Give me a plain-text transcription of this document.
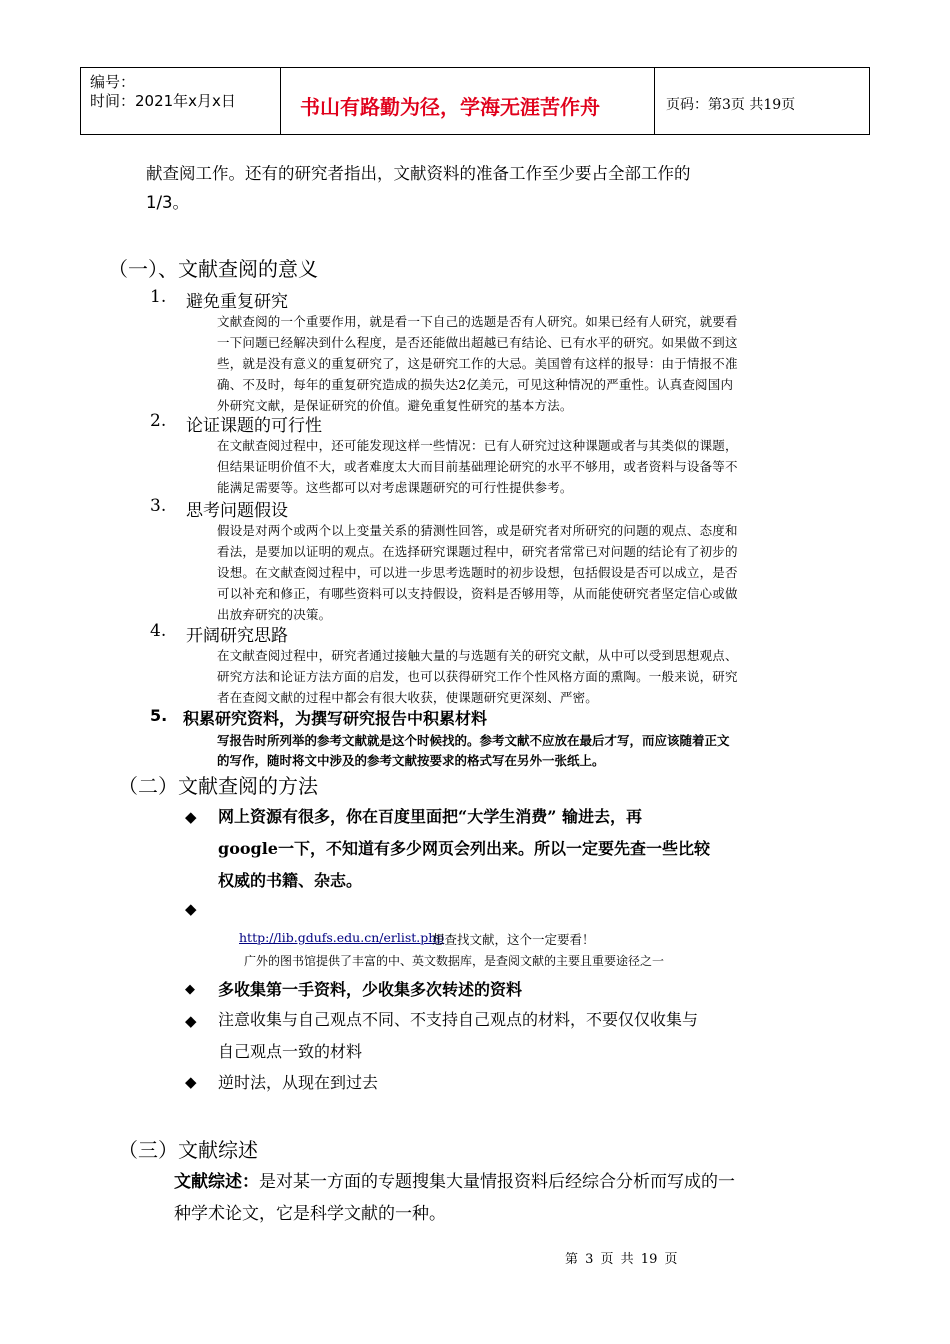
编号：
时间：2021年x月x日	书山有路勤为径，学海无涯苦作舟	页码：第3页 共19页
献查阅工作。还有的研究者指出，文献资料的准备工作至少要占全部工作的
1/3。
（一）、文献查阅的意义
1. 避免重复研究
文献查阅的一个重要作用，就是看一下自己的选题是否有人研究。如果已经有人研究，就要看
一下问题已经解决到什么程度，是否还能做出超越已有结论、已有水平的研究。如果做不到这
些，就是没有意义的重复研究了，这是研究工作的大忌。美国曾有这样的报导：由于情报不准
确、不及时，每年的重复研究造成的损失达2亿美元，可见这种情况的严重性。认真查阅国内
外研究文献，是保证研究的价值。避免重复性研究的基本方法。
2. 论证课题的可行性
在文献查阅过程中，还可能发现这样一些情况：已有人研究过这种课题或者与其类似的课题，
但结果证明价值不大，或者难度太大而目前基础理论研究的水平不够用，或者资料与设备等不
能满足需要等。这些都可以对考虑课题研究的可行性提供参考。
3. 思考问题假设
假设是对两个或两个以上变量关系的猜测性回答，或是研究者对所研究的问题的观点、态度和
看法，是要加以证明的观点。在选择研究课题过程中，研究者常常已对问题的结论有了初步的
设想。在文献查阅过程中，可以进一步思考选题时的初步设想，包括假设是否可以成立，是否
可以补充和修正，有哪些资料可以支持假设，资料是否够用等，从而能使研究者坚定信心或做
出放弃研究的决策。
4. 开阔研究思路
在文献查阅过程中，研究者通过接触大量的与选题有关的研究文献，从中可以受到思想观点、
研究方法和论证方法方面的启发，也可以获得研究工作个性风格方面的熏陶。一般来说，研究
者在查阅文献的过程中都会有很大收获，使课题研究更深刻、严密。
5. 积累研究资料，为撰写研究报告中积累材料
写报告时所列举的参考文献就是这个时候找的。参考文献不应放在最后才写，而应该随着正文
的写作，随时将文中涉及的参考文献按要求的格式写在另外一张纸上。
（二）文献查阅的方法
◆ 网上资源有很多，你在百度里面把“大学生消费” 输进去，再
google一下，不知道有多少网页会列出来。所以一定要先查一些比较
权威的书籍、杂志。
◆
http://lib.gdufs.edu.cn/erlist.php
想查找文献，这个一定要看！
广外的图书馆提供了丰富的中、英文数据库，是查阅文献的主要且重要途径之一
◆ 多收集第一手资料，少收集多次转述的资料
◆ 注意收集与自己观点不同、不支持自己观点的材料，不要仅仅收集与
自己观点一致的材料
◆ 逆时法，从现在到过去
（三）文献综述
文献综述：是对某一方面的专题搜集大量情报资料后经综合分析而写成的一
种学术论文，它是科学文献的一种。
第 3 页 共 19 页
